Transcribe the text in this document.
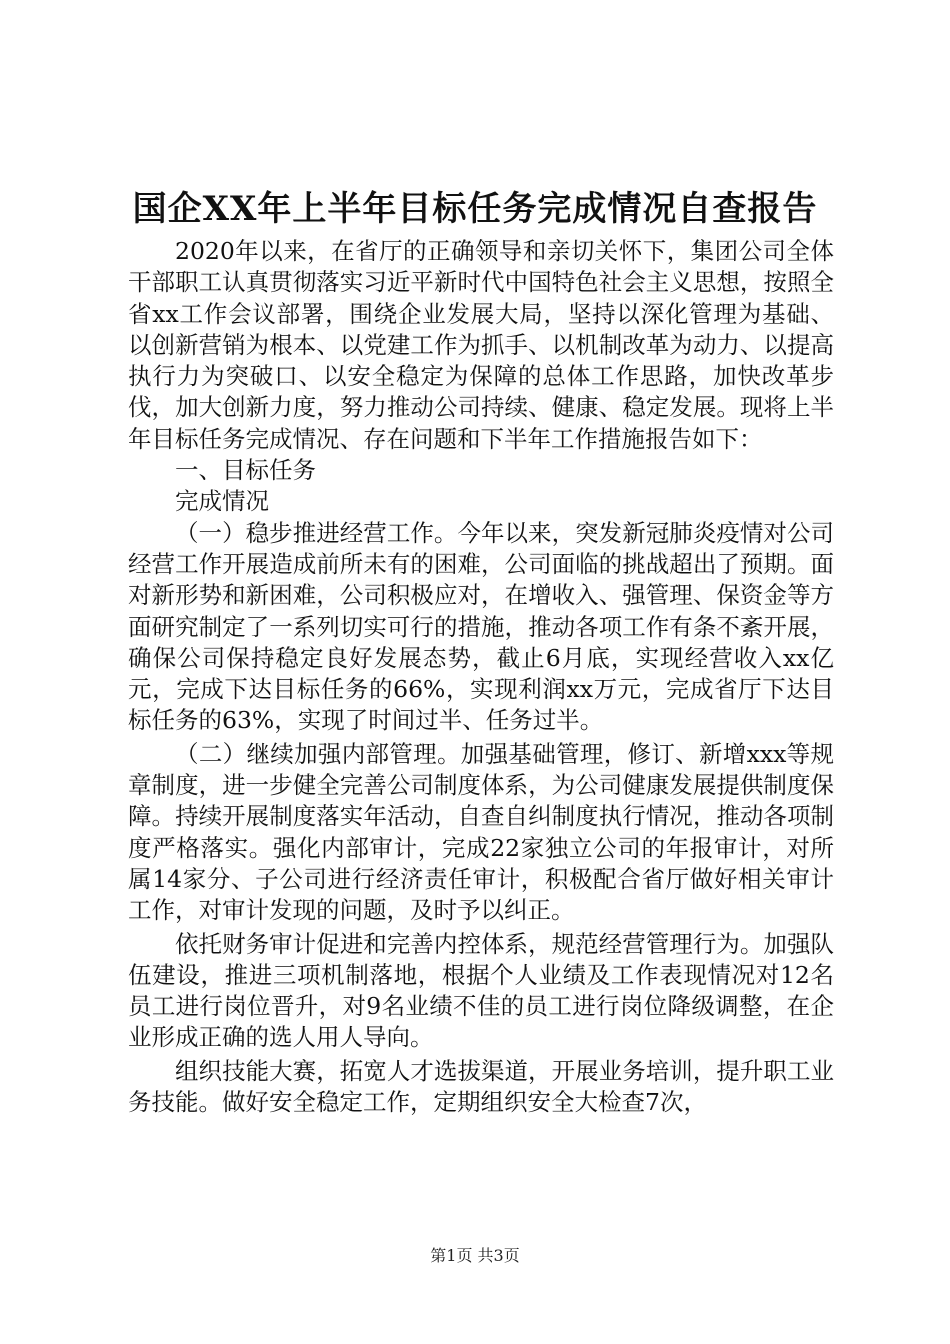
国企XX年上半年目标任务完成情况自查报告

2020年以来，在省厅的正确领导和亲切关怀下，集团公司全体干部职工认真贯彻落实习近平新时代中国特色社会主义思想，按照全省xx工作会议部署，围绕企业发展大局，坚持以深化管理为基础、以创新营销为根本、以党建工作为抓手、以机制改革为动力、以提高执行力为突破口、以安全稳定为保障的总体工作思路，加快改革步伐，加大创新力度，努力推动公司持续、健康、稳定发展。现将上半年目标任务完成情况、存在问题和下半年工作措施报告如下：

一、目标任务

完成情况

（一）稳步推进经营工作。今年以来，突发新冠肺炎疫情对公司经营工作开展造成前所未有的困难，公司面临的挑战超出了预期。面对新形势和新困难，公司积极应对，在增收入、强管理、保资金等方面研究制定了一系列切实可行的措施，推动各项工作有条不紊开展，确保公司保持稳定良好发展态势，截止6月底，实现经营收入xx亿元，完成下达目标任务的66%，实现利润xx万元，完成省厅下达目标任务的63%，实现了时间过半、任务过半。

（二）继续加强内部管理。加强基础管理，修订、新增xxx等规章制度，进一步健全完善公司制度体系，为公司健康发展提供制度保障。持续开展制度落实年活动，自查自纠制度执行情况，推动各项制度严格落实。强化内部审计，完成22家独立公司的年报审计，对所属14家分、子公司进行经济责任审计，积极配合省厅做好相关审计工作，对审计发现的问题，及时予以纠正。

依托财务审计促进和完善内控体系，规范经营管理行为。加强队伍建设，推进三项机制落地，根据个人业绩及工作表现情况对12名员工进行岗位晋升，对9名业绩不佳的员工进行岗位降级调整，在企业形成正确的选人用人导向。

组织技能大赛，拓宽人才选拔渠道，开展业务培训，提升职工业务技能。做好安全稳定工作，定期组织安全大检查7次，

第1页 共3页
